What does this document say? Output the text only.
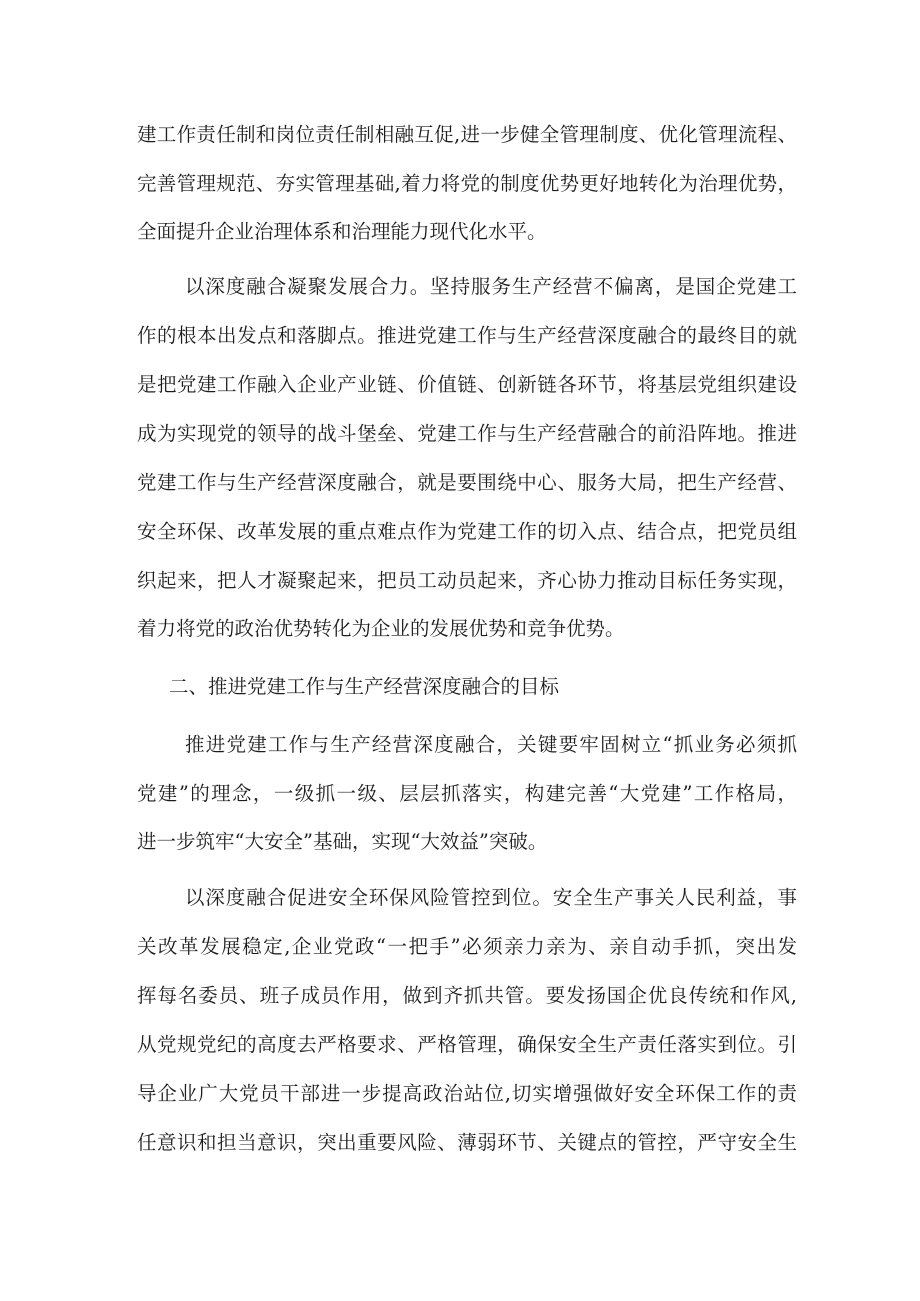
建工作责任制和岗位责任制相融互促,进一步健全管理制度、优化管理流程、
完善管理规范、夯实管理基础,着力将党的制度优势更好地转化为治理优势，
全面提升企业治理体系和治理能力现代化水平。
以深度融合凝聚发展合力。坚持服务生产经营不偏离，是国企党建工
作的根本出发点和落脚点。推进党建工作与生产经营深度融合的最终目的就
是把党建工作融入企业产业链、价值链、创新链各环节，将基层党组织建设
成为实现党的领导的战斗堡垒、党建工作与生产经营融合的前沿阵地。推进
党建工作与生产经营深度融合，就是要围绕中心、服务大局，把生产经营、
安全环保、改革发展的重点难点作为党建工作的切入点、结合点，把党员组
织起来，把人才凝聚起来，把员工动员起来，齐心协力推动目标任务实现，
着力将党的政治优势转化为企业的发展优势和竞争优势。
二、推进党建工作与生产经营深度融合的目标
推进党建工作与生产经营深度融合，关键要牢固树立“抓业务必须抓
党建”的理念，一级抓一级、层层抓落实，构建完善“大党建”工作格局，
进一步筑牢“大安全”基础，实现“大效益”突破。
以深度融合促进安全环保风险管控到位。安全生产事关人民利益，事
关改革发展稳定,企业党政“一把手”必须亲力亲为、亲自动手抓，突出发
挥每名委员、班子成员作用，做到齐抓共管。要发扬国企优良传统和作风,
从党规党纪的高度去严格要求、严格管理，确保安全生产责任落实到位。引
导企业广大党员干部进一步提高政治站位,切实增强做好安全环保工作的责
任意识和担当意识，突出重要风险、薄弱环节、关键点的管控，严守安全生
